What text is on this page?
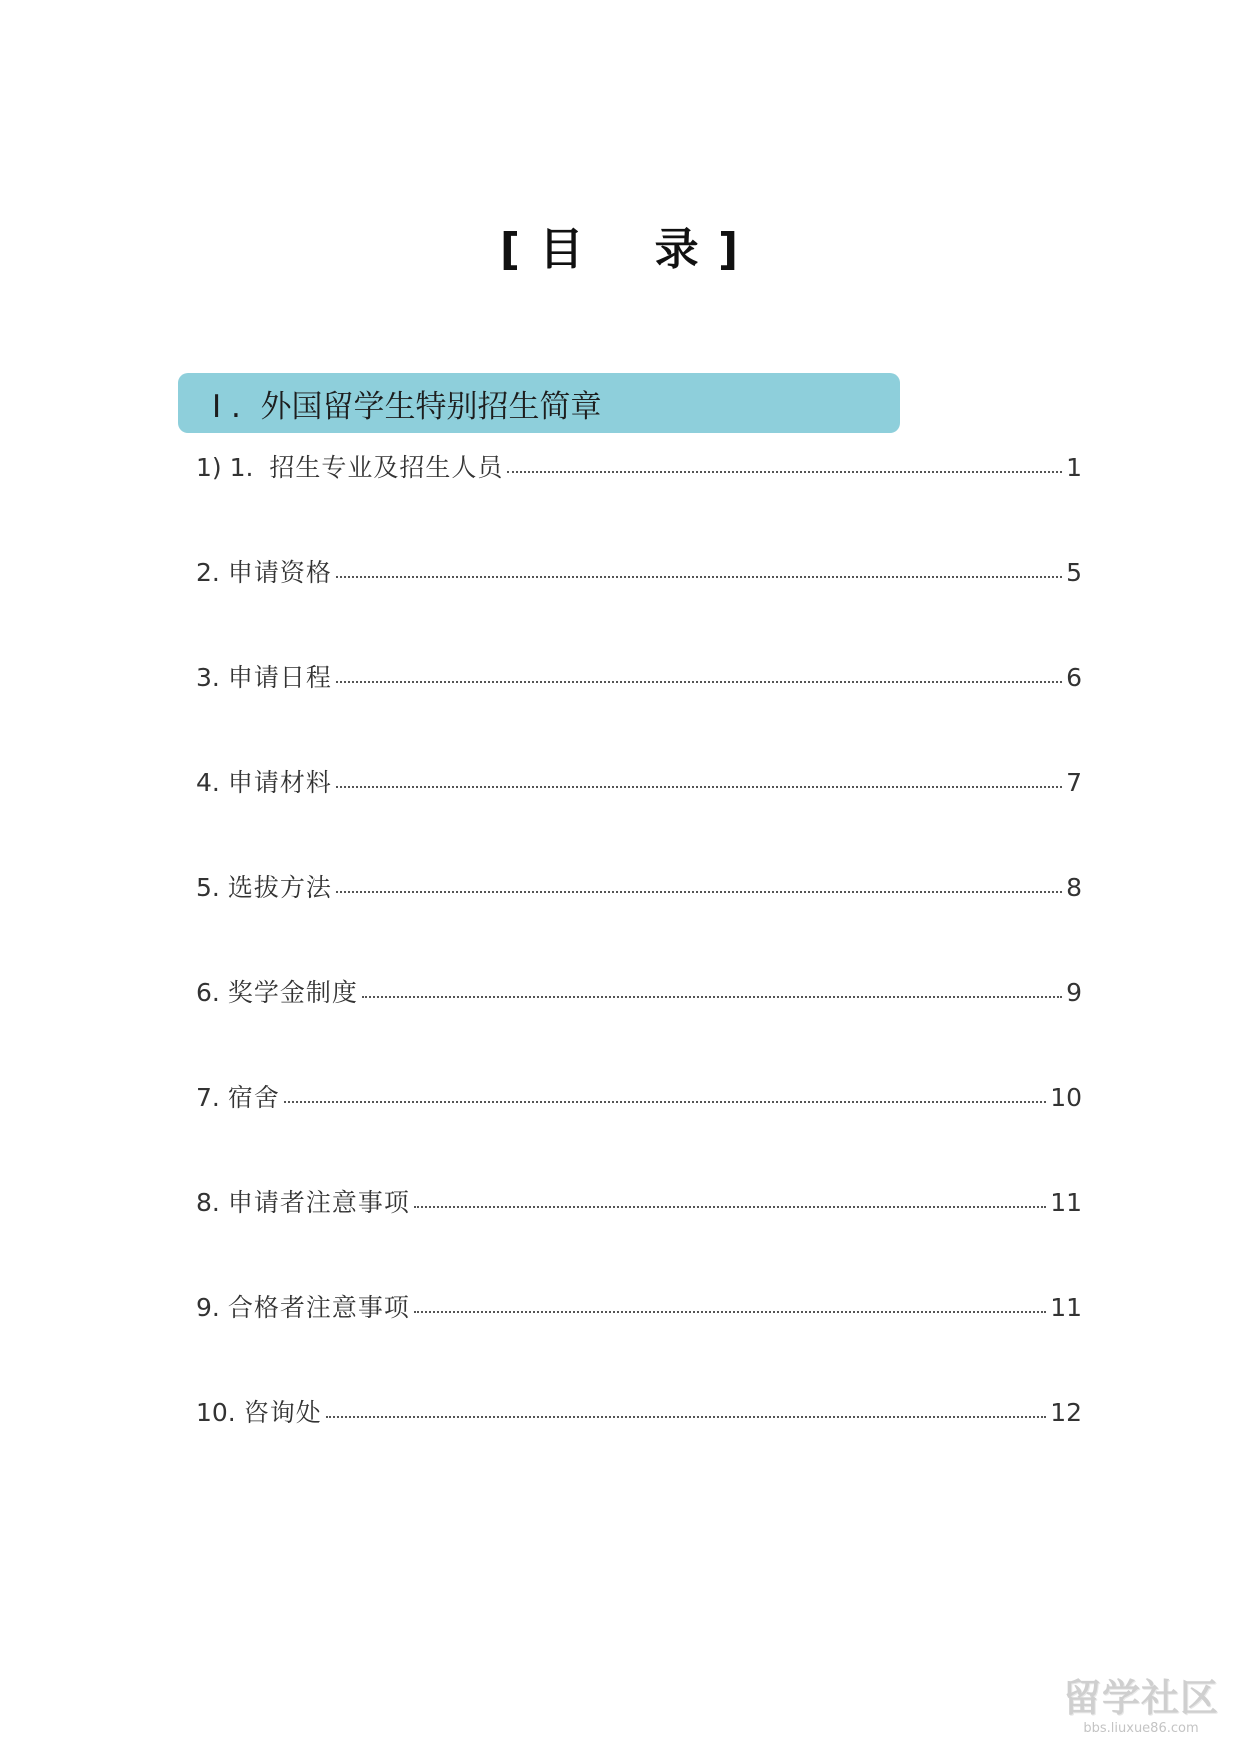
[ 目    录 ]
I .  外国留学生特别招生简章
1) 1. 招生专业及招生人员	1
2. 申请资格	5
3. 申请日程	6
4. 申请材料	7
5. 选拔方法	8
6. 奖学金制度	9
7. 宿舍	10
8. 申请者注意事项	11
9. 合格者注意事项	11
10. 咨询处	12
留学社区
bbs.liuxue86.com
